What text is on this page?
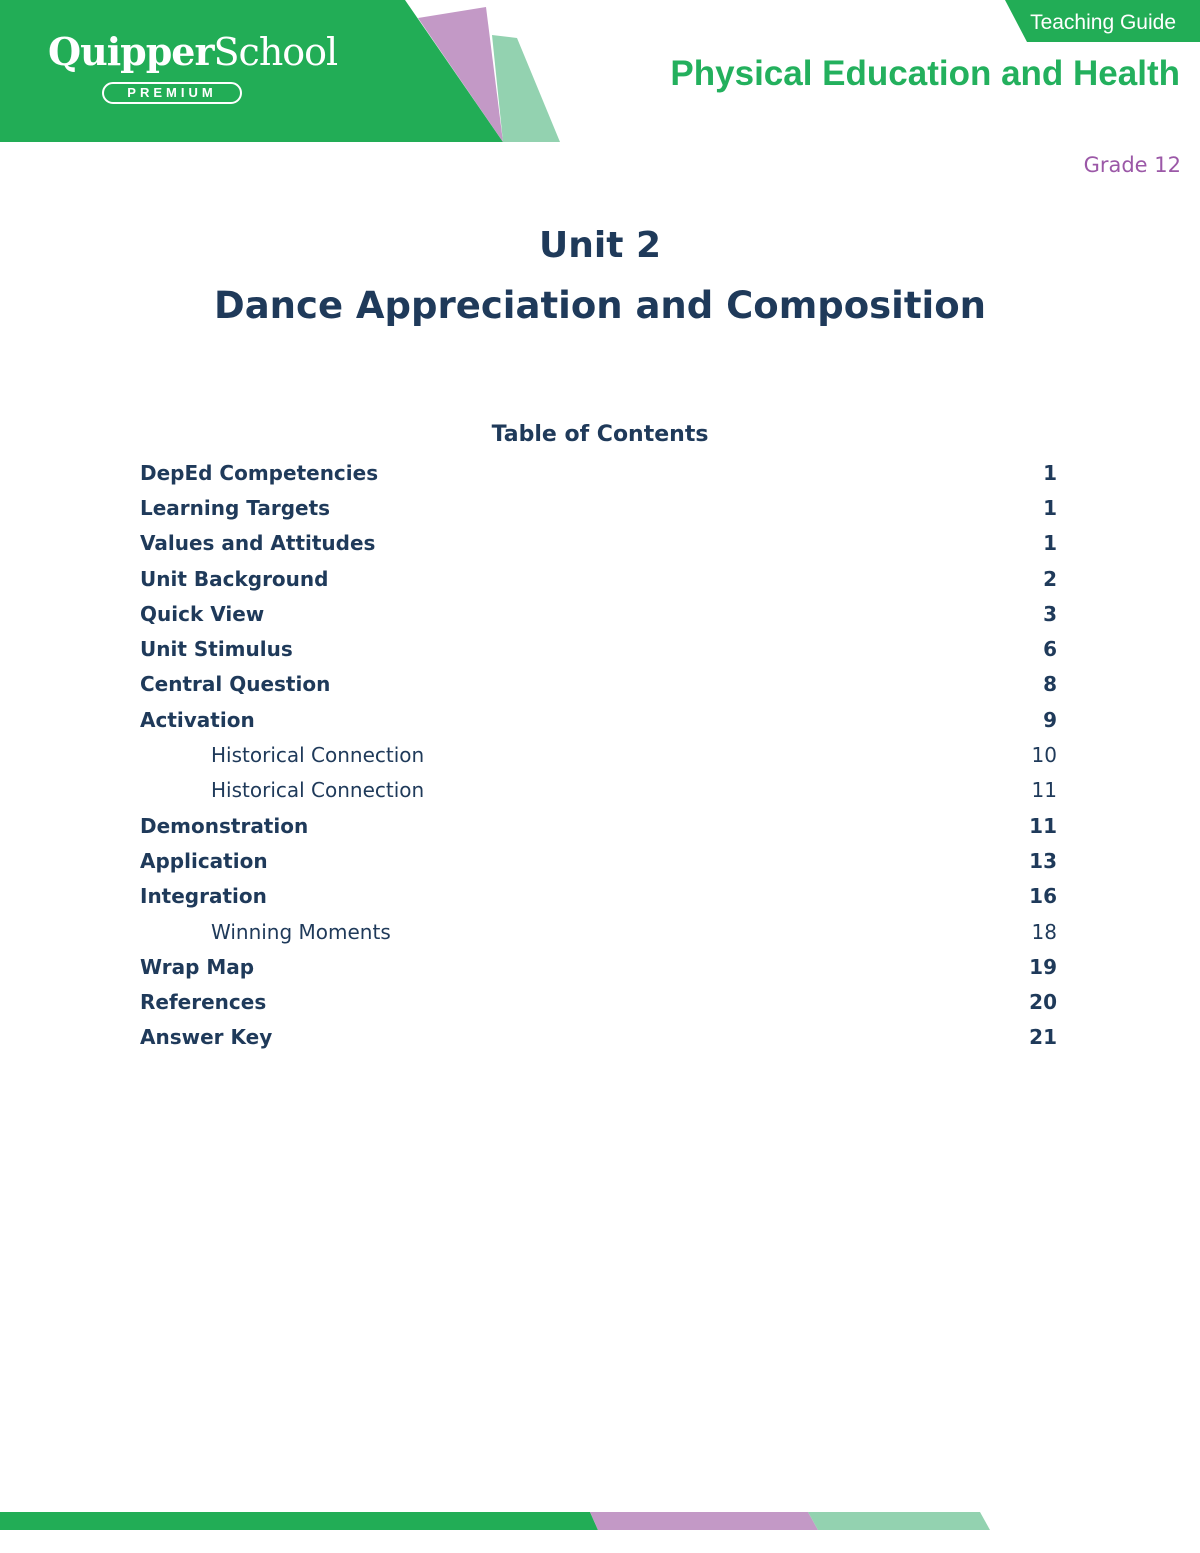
QuipperSchool
PREMIUM
Teaching Guide
Physical Education and Health
Grade 12
Unit 2
Dance Appreciation and Composition
Table of Contents
DepEd Competencies	1
Learning Targets	1
Values and Attitudes	1
Unit Background	2
Quick View	3
Unit Stimulus	6
Central Question	8
Activation	9
Historical Connection	10
Historical Connection	11
Demonstration	11
Application	13
Integration	16
Winning Moments	18
Wrap Map	19
References	20
Answer Key	21
